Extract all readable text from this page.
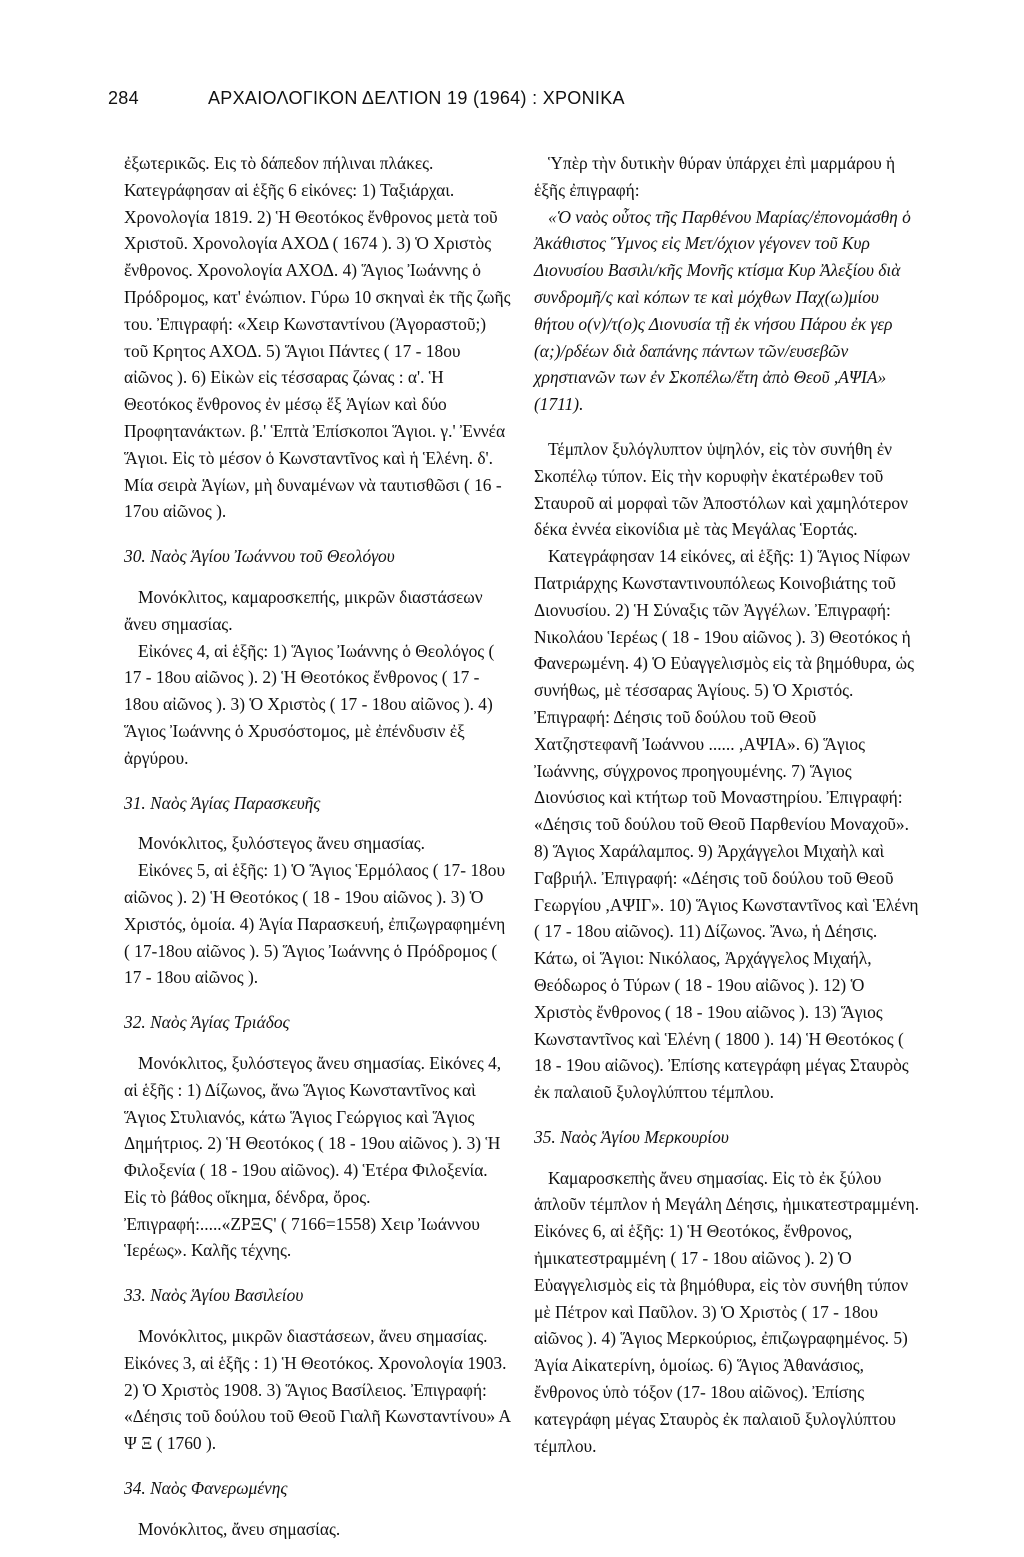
284	ΑΡΧΑΙΟΛΟΓΙΚΟΝ ΔΕΛΤΙΟΝ 19 (1964) : ΧΡΟΝΙΚΑ

ἐξωτερικῶς. Εις τὸ δάπεδον πήλιναι πλάκες. Κατεγράφησαν αἱ ἑξῆς 6 εἰκόνες: 1) Ταξιάρχαι. Χρονολογία 1819. 2) Ἡ Θεοτόκος ἔνθρονος μετὰ τοῦ Χριστοῦ. Χρονολογία ΑΧΟΔ ( 1674 ). 3) Ὁ Χριστὸς ἔνθρονος. Χρονολογία ΑΧΟΔ. 4) Ἅγιος Ἰωάννης ὁ Πρόδρομος, κατ' ἐνώπιον. Γύρω 10 σκηναὶ ἐκ τῆς ζωῆς του. Ἐπιγραφή: «Χειρ Κωνσταντίνου (Ἀγοραστοῦ;) τοῦ Κρητος ΑΧΟΔ. 5) Ἅγιοι Πάντες ( 17 - 18ου αἰῶνος ). 6) Εἰκὼν εἰς τέσσαρας ζώνας : α'. Ἡ Θεοτόκος ἔνθρονος ἐν μέσῳ ἕξ Ἁγίων καὶ δύο Προφητανάκτων. β.' Ἑπτὰ Ἐπίσκοποι Ἅγιοι. γ.' Ἐννέα Ἅγιοι. Εἰς τὸ μέσον ὁ Κωνσταντῖνος καὶ ἡ Ἑλένη. δ'. Μία σειρὰ Ἁγίων, μὴ δυναμένων νὰ ταυτισθῶσι ( 16 - 17ου αἰῶνος ).

30. Ναὸς Ἁγίου Ἰωάννου τοῦ Θεολόγου

Μονόκλιτος, καμαροσκεπής, μικρῶν διαστάσεων ἄνευ σημασίας.

Εἰκόνες 4, αἱ ἑξῆς: 1) Ἅγιος Ἰωάννης ὁ Θεολόγος ( 17 - 18ου αἰῶνος ). 2) Ἡ Θεοτόκος ἔνθρονος ( 17 - 18ου αἰῶνος ). 3) Ὁ Χριστὸς ( 17 - 18ου αἰῶνος ). 4) Ἅγιος Ἰωάννης ὁ Χρυσόστομος, μὲ ἐπένδυσιν ἐξ ἀργύρου.

31. Ναὸς Ἁγίας Παρασκευῆς

Μονόκλιτος, ξυλόστεγος ἄνευ σημασίας.

Εἰκόνες 5, αἱ ἑξῆς: 1) Ὁ Ἅγιος Ἑρμόλαος ( 17- 18ου αἰῶνος ). 2) Ἡ Θεοτόκος ( 18 - 19ου αἰῶνος ). 3) Ὁ Χριστός, ὁμοία. 4) Ἁγία Παρασκευή, ἐπιζωγραφημένη ( 17-18ου αἰῶνος ). 5) Ἅγιος Ἰωάννης ὁ Πρόδρομος ( 17 - 18ου αἰῶνος ).

32. Ναὸς Ἁγίας Τριάδος

Μονόκλιτος, ξυλόστεγος ἄνευ σημασίας. Εἰκόνες 4, αἱ ἑξῆς : 1) Δίζωνος, ἄνω Ἅγιος Κωνσταντῖνος καὶ Ἅγιος Στυλιανός, κάτω Ἅγιος Γεώργιος καὶ Ἅγιος Δημήτριος. 2) Ἡ Θεοτόκος ( 18 - 19ου αἰῶνος ). 3) Ἡ Φιλοξενία ( 18 - 19ου αἰῶνος). 4) Ἑτέρα Φιλοξενία. Εἰς τὸ βάθος οἴκημα, δένδρα, ὄρος. Ἐπιγραφή:.....«ΖΡΞϚ' ( 7166=1558) Χειρ Ἰωάννου Ἱερέως». Καλῆς τέχνης.

33. Ναὸς Ἁγίου Βασιλείου

Μονόκλιτος, μικρῶν διαστάσεων, ἄνευ σημασίας. Εἰκόνες 3, αἱ ἑξῆς : 1) Ἡ Θεοτόκος. Χρονολογία 1903. 2) Ὁ Χριστὸς 1908. 3) Ἅγιος Βασίλειος. Ἐπιγραφή: «Δέησις τοῦ δούλου τοῦ Θεοῦ Γιαλῆ Κωνσταντίνου» Α Ψ Ξ ( 1760 ).

34. Ναὸς Φανερωμένης

Μονόκλιτος, ἄνευ σημασίας.

Ὑπὲρ τὴν δυτικὴν θύραν ὑπάρχει ἐπὶ μαρμάρου ἡ ἑξῆς ἐπιγραφή:

«Ὁ ναὸς οὗτος τῆς Παρθένου Μαρίας/ἐπονομάσθη ὁ Ἀκάθιστος Ὕμνος εἰς Μετ/όχιον γέγονεν τοῦ Κυρ Διονυσίου Βασιλι/κῆς Μονῆς κτίσμα Κυρ Ἀλεξίου διὰ συνδρομῆ/ς καὶ κόπων τε καὶ μόχθων Παχ(ω)μίου θήτου ο(ν)/τ(ο)ς Διονυσία τῇ ἐκ νήσου Πάρου ἐκ γερ (α;)/ρδέων διὰ δαπάνης πάντων τῶν/ευσεβῶν χρηστιανῶν των ἐν Σκοπέλω/ἔτη ἀπὸ Θεοῦ ,ΑΨΙΑ» (1711).

Τέμπλον ξυλόγλυπτον ὑψηλόν, εἰς τὸν συνήθη ἐν Σκοπέλῳ τύπον. Εἰς τὴν κορυφὴν ἑκατέρωθεν τοῦ Σταυροῦ αἱ μορφαὶ τῶν Ἀποστόλων καὶ χαμηλότερον δέκα ἐννέα εἰκονίδια μὲ τὰς Μεγάλας Ἑορτάς.

Κατεγράφησαν 14 εἰκόνες, αἱ ἑξῆς: 1) Ἅγιος Νίφων Πατριάρχης Κωνσταντινουπόλεως Κοινοβιάτης τοῦ Διονυσίου. 2) Ἡ Σύναξις τῶν Ἀγγέλων. Ἐπιγραφή: Νικολάου Ἱερέως ( 18 - 19ου αἰῶνος ). 3) Θεοτόκος ἡ Φανερωμένη. 4) Ὁ Εὐαγγελισμὸς εἰς τὰ βημόθυρα, ὡς συνήθως, μὲ τέσσαρας Ἁγίους. 5) Ὁ Χριστός. Ἐπιγραφή: Δέησις τοῦ δούλου τοῦ Θεοῦ Χατζηστεφανῆ Ἰωάννου ...... ,ΑΨΙΑ». 6) Ἅγιος Ἰωάννης, σύγχρονος προηγουμένης. 7) Ἅγιος Διονύσιος καὶ κτήτωρ τοῦ Μοναστηρίου. Ἐπιγραφή: «Δέησις τοῦ δούλου τοῦ Θεοῦ Παρθενίου Μοναχοῦ». 8) Ἅγιος Χαράλαμπος. 9) Ἀρχάγγελοι Μιχαὴλ καὶ Γαβριήλ. Ἐπιγραφή: «Δέησις τοῦ δούλου τοῦ Θεοῦ Γεωργίου ,ΑΨΙΓ». 10) Ἅγιος Κωνσταντῖνος καὶ Ἑλένη ( 17 - 18ου αἰῶνος). 11) Δίζωνος. Ἄνω, ἡ Δέησις. Κάτω, οἱ Ἅγιοι: Νικόλαος, Ἀρχάγγελος Μιχαήλ, Θεόδωρος ὁ Τύρων ( 18 - 19ου αἰῶνος ). 12) Ὁ Χριστὸς ἔνθρονος ( 18 - 19ου αἰῶνος ). 13) Ἅγιος Κωνσταντῖνος καὶ Ἑλένη ( 1800 ). 14) Ἡ Θεοτόκος ( 18 - 19ου αἰῶνος). Ἐπίσης κατεγράφη μέγας Σταυρὸς ἐκ παλαιοῦ ξυλογλύπτου τέμπλου.

35. Ναὸς Ἁγίου Μερκουρίου

Καμαροσκεπὴς ἄνευ σημασίας. Εἰς τὸ ἐκ ξύλου ἁπλοῦν τέμπλον ἡ Μεγάλη Δέησις, ἠμικατεστραμμένη. Εἰκόνες 6, αἱ ἑξῆς: 1) Ἡ Θεοτόκος, ἔνθρονος, ἠμικατεστραμμένη ( 17 - 18ου αἰῶνος ). 2) Ὁ Εὐαγγελισμὸς εἰς τὰ βημόθυρα, εἰς τὸν συνήθη τύπον μὲ Πέτρον καὶ Παῦλον. 3) Ὁ Χριστὸς ( 17 - 18ου αἰῶνος ). 4) Ἅγιος Μερκούριος, ἐπιζωγραφημένος. 5) Ἁγία Αἰκατερίνη, ὁμοίως. 6) Ἅγιος Ἀθανάσιος, ἔνθρονος ὑπὸ τόξον (17- 18ου αἰῶνος). Ἐπίσης κατεγράφη μέγας Σταυρὸς ἐκ παλαιοῦ ξυλογλύπτου τέμπλου.
